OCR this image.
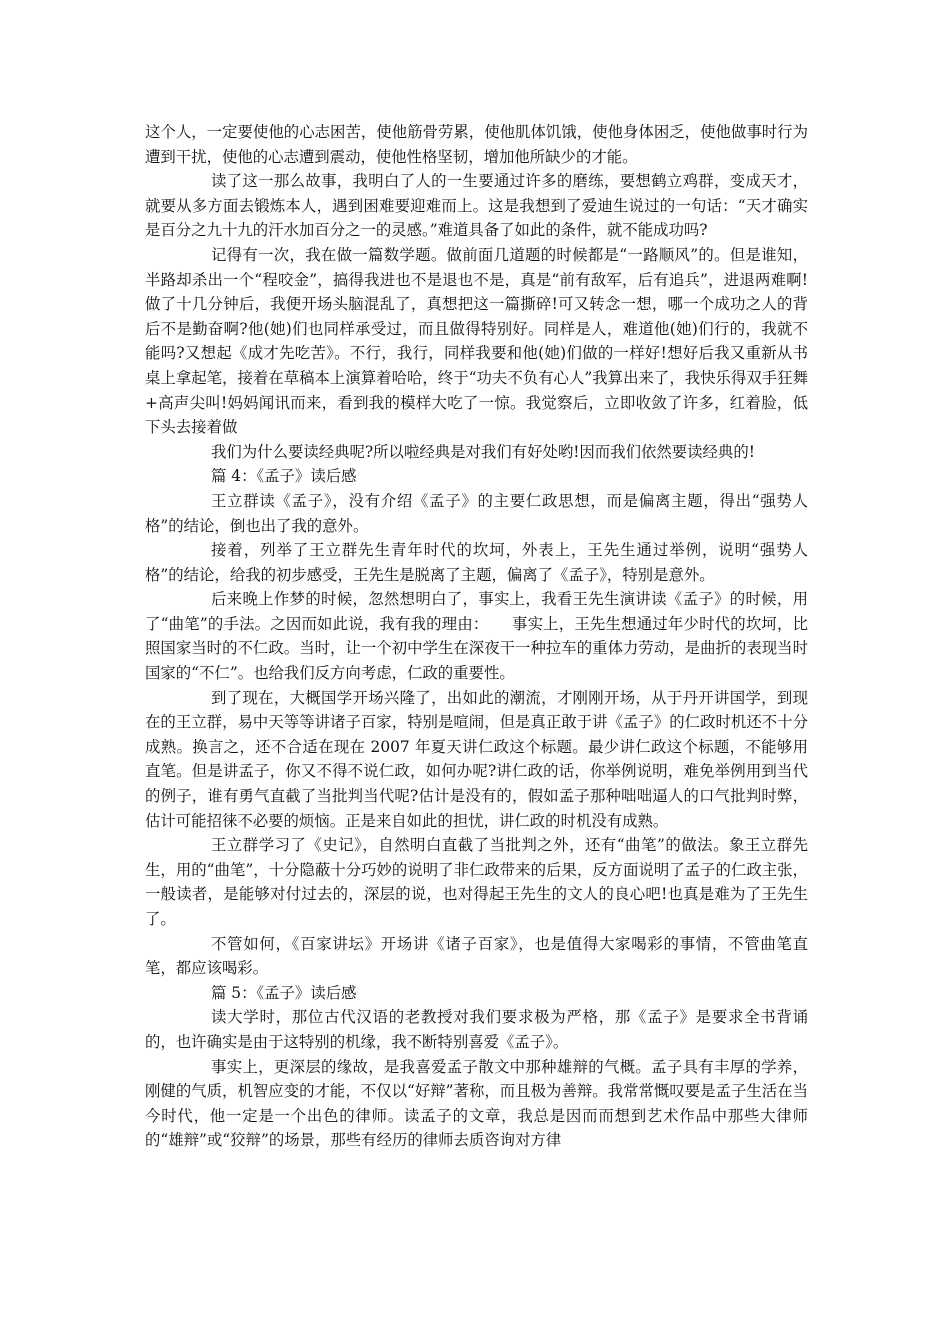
这个人，一定要使他的心志困苦，使他筋骨劳累，使他肌体饥饿，使他身体困乏，使他做事时行为遭到干扰，使他的心志遭到震动，使他性格坚韧，增加他所缺少的才能。

读了这一那么故事，我明白了人的一生要通过许多的磨练，要想鹤立鸡群，变成天才，就要从多方面去锻炼本人，遇到困难要迎难而上。这是我想到了爱迪生说过的一句话：“天才确实是百分之九十九的汗水加百分之一的灵感。”难道具备了如此的条件，就不能成功吗?

记得有一次，我在做一篇数学题。做前面几道题的时候都是“一路顺风”的。但是谁知，半路却杀出一个“程咬金”，搞得我进也不是退也不是，真是“前有敌军，后有追兵”，进退两难啊!做了十几分钟后，我便开场头脑混乱了，真想把这一篇撕碎!可又转念一想，哪一个成功之人的背后不是勤奋啊?他(她)们也同样承受过，而且做得特别好。同样是人，难道他(她)们行的，我就不能吗?又想起《成才先吃苦》。不行，我行，同样我要和他(她)们做的一样好!想好后我又重新从书桌上拿起笔，接着在草稿本上演算着哈哈，终于“功夫不负有心人”我算出来了，我快乐得双手狂舞+高声尖叫!妈妈闻讯而来，看到我的模样大吃了一惊。我觉察后，立即收敛了许多，红着脸，低下头去接着做

我们为什么要读经典呢?所以啦经典是对我们有好处哟!因而我们依然要读经典的!

篇 4：《孟子》读后感

王立群读《孟子》，没有介绍《孟子》的主要仁政思想，而是偏离主题，得出“强势人格”的结论，倒也出了我的意外。

接着，列举了王立群先生青年时代的坎坷，外表上，王先生通过举例，说明“强势人格”的结论，给我的初步感受，王先生是脱离了主题，偏离了《孟子》，特别是意外。

后来晚上作梦的时候，忽然想明白了，事实上，我看王先生演讲读《孟子》的时候，用了“曲笔”的手法。之因而如此说，我有我的理由：　　事实上，王先生想通过年少时代的坎坷，比照国家当时的不仁政。当时，让一个初中学生在深夜干一种拉车的重体力劳动，是曲折的表现当时国家的“不仁”。也给我们反方向考虑，仁政的重要性。

到了现在，大概国学开场兴隆了，出如此的潮流，才刚刚开场，从于丹开讲国学，到现在的王立群，易中天等等讲诸子百家，特别是喧闹，但是真正敢于讲《孟子》的仁政时机还不十分成熟。换言之，还不合适在现在 2007 年夏天讲仁政这个标题。最少讲仁政这个标题，不能够用直笔。但是讲孟子，你又不得不说仁政，如何办呢?讲仁政的话，你举例说明，难免举例用到当代的例子，谁有勇气直截了当批判当代呢?估计是没有的，假如孟子那种咄咄逼人的口气批判时弊，估计可能招徕不必要的烦恼。正是来自如此的担忧，讲仁政的时机没有成熟。

王立群学习了《史记》，自然明白直截了当批判之外，还有“曲笔”的做法。象王立群先生，用的“曲笔”，十分隐蔽十分巧妙的说明了非仁政带来的后果，反方面说明了孟子的仁政主张，一般读者，是能够对付过去的，深层的说，也对得起王先生的文人的良心吧!也真是难为了王先生了。

不管如何，《百家讲坛》开场讲《诸子百家》，也是值得大家喝彩的事情，不管曲笔直笔，都应该喝彩。

篇 5：《孟子》读后感

读大学时，那位古代汉语的老教授对我们要求极为严格，那《孟子》是要求全书背诵的，也许确实是由于这特别的机缘，我不断特别喜爱《孟子》。

事实上，更深层的缘故，是我喜爱孟子散文中那种雄辩的气概。孟子具有丰厚的学养，刚健的气质，机智应变的才能，不仅以“好辩”著称，而且极为善辩。我常常慨叹要是孟子生活在当今时代，他一定是一个出色的律师。读孟子的文章，我总是因而而想到艺术作品中那些大律师的“雄辩”或“狡辩”的场景，那些有经历的律师去质咨询对方律
